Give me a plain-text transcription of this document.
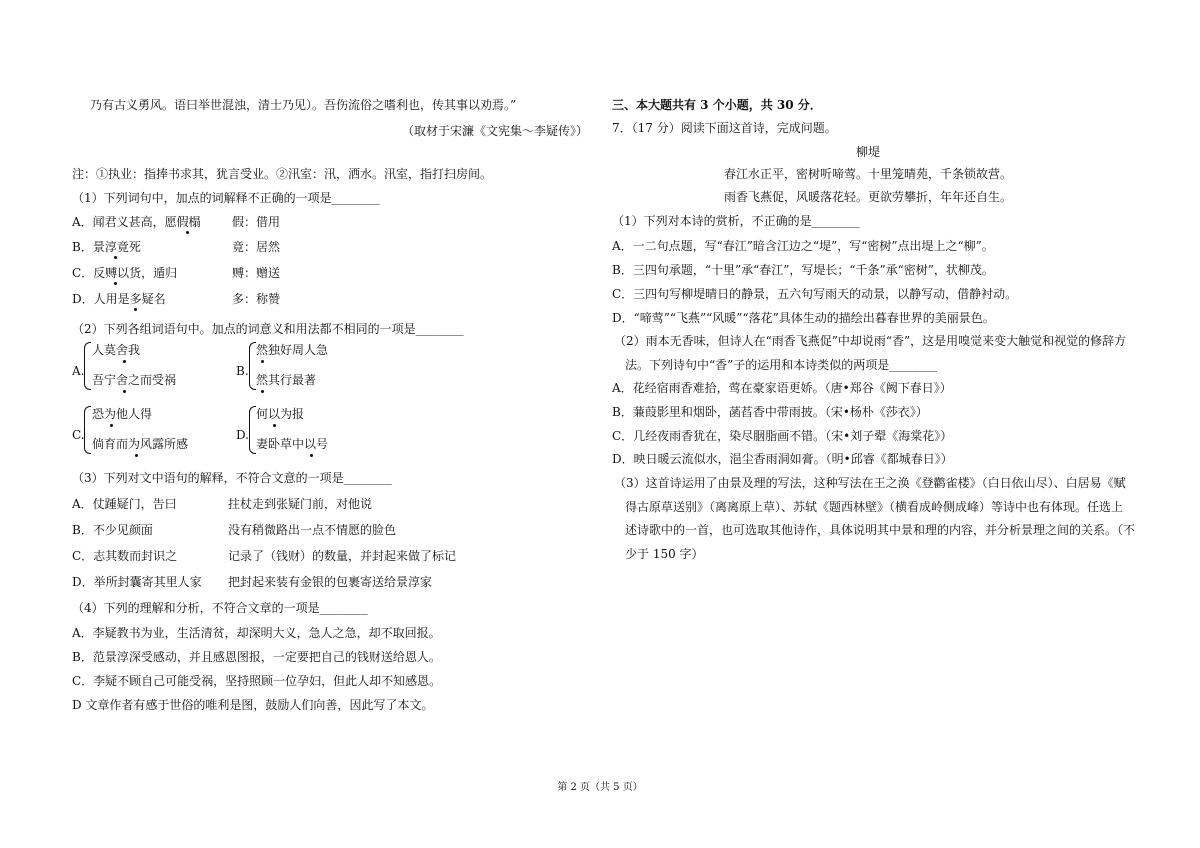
乃有古义勇风。语曰举世混浊，清士乃见）。吾伤流俗之嗜利也，传其事以劝焉。”
（取材于宋濂《文宪集～李疑传》）
注：①执业：指捧书求其，犹言受业。②汛室：汛，洒水。汛室，指打扫房间。
（1）下列词句中，加点的词解释不正确的一项是________
A．闻君义甚高，愿假榻	假：借用
B．景淳竟死	竟：居然
C．反赙以货，遁归	赙：赠送
D．人用是多疑名	多：称赞
（2）下列各组词语句中。加点的词意义和用法都不相同的一项是________
A.
人莫舍我
吾宁舍之而受祸
B.
然独好周人急
然其行最著
C.
恐为他人得
倘育而为风露所感
D.
何以为报
妻卧草中以号
（3）下列对文中语句的解释，不符合文意的一项是________
A．仗踵疑门，告曰	拄杖走到张疑门前，对他说
B．不少见颜面	没有稍微路出一点不情愿的脸色
C．志其数而封识之	记录了（钱财）的数量，并封起来做了标记
D．举所封囊寄其里人家 把封起来装有金银的包裹寄送给景淳家
（4）下列的理解和分析，不符合文章的一项是________
A．李疑教书为业，生活清贫，却深明大义，急人之急，却不取回报。
B．范景淳深受感动，并且感恩图报，一定要把自己的钱财送给恩人。
C．李疑不顾自己可能受祸，坚持照顾一位孕妇，但此人却不知感恩。
D 文章作者有感于世俗的唯利是图，鼓励人们向善，因此写了本文。
三、本大题共有 3 个小题，共 30 分．
7．（17 分）阅读下面这首诗，完成问题。
柳堤
春江水正平，密树听啼莺。十里笼晴苑，千条锁故营。
雨香飞燕促，风暖落花轻。更欲劳攀折，年年还自生。
（1）下列对本诗的赏析，不正确的是________
A．一二句点题，写“春江”暗含江边之“堤”，写“密树”点出堤上之“柳”。
B．三四句承题，“十里”承“春江”，写堤长；“千条”承“密树”，状柳茂。
C．三四句写柳堤晴日的静景，五六句写雨天的动景，以静写动，借静衬动。
D．“啼莺”“飞燕”“风暖”“落花”具体生动的描绘出暮春世界的美丽景色。
（2）雨本无香味，但诗人在“雨香飞燕促”中却说雨“香”，这是用嗅觉来变大触觉和视觉的修辞方
法。下列诗句中“香”子的运用和本诗类似的两项是________
A．花经宿雨香难拾，莺在豪家语更娇。（唐•郑谷《阙下春日》）
B．蒹葭影里和烟卧，菡萏香中带雨披。（宋•杨朴《莎衣》）
C．几经夜雨香犹在，染尽胭脂画不错。（宋•刘子翚《海棠花》）
D．映日暖云流似水，浥尘香雨洞如膏。（明•邱睿《都城春日》）
（3）这首诗运用了由景及理的写法，这种写法在王之涣《登鹳雀楼》（白日依山尽）、白居易《赋
得古原草送别》（离离原上草）、苏轼《题西林壁》（横看成岭侧成峰）等诗中也有体现。任选上
述诗歌中的一首，也可选取其他诗作，具体说明其中景和理的内容，并分析景理之间的关系。（不
少于 150 字）
第 2 页（共 5 页）
